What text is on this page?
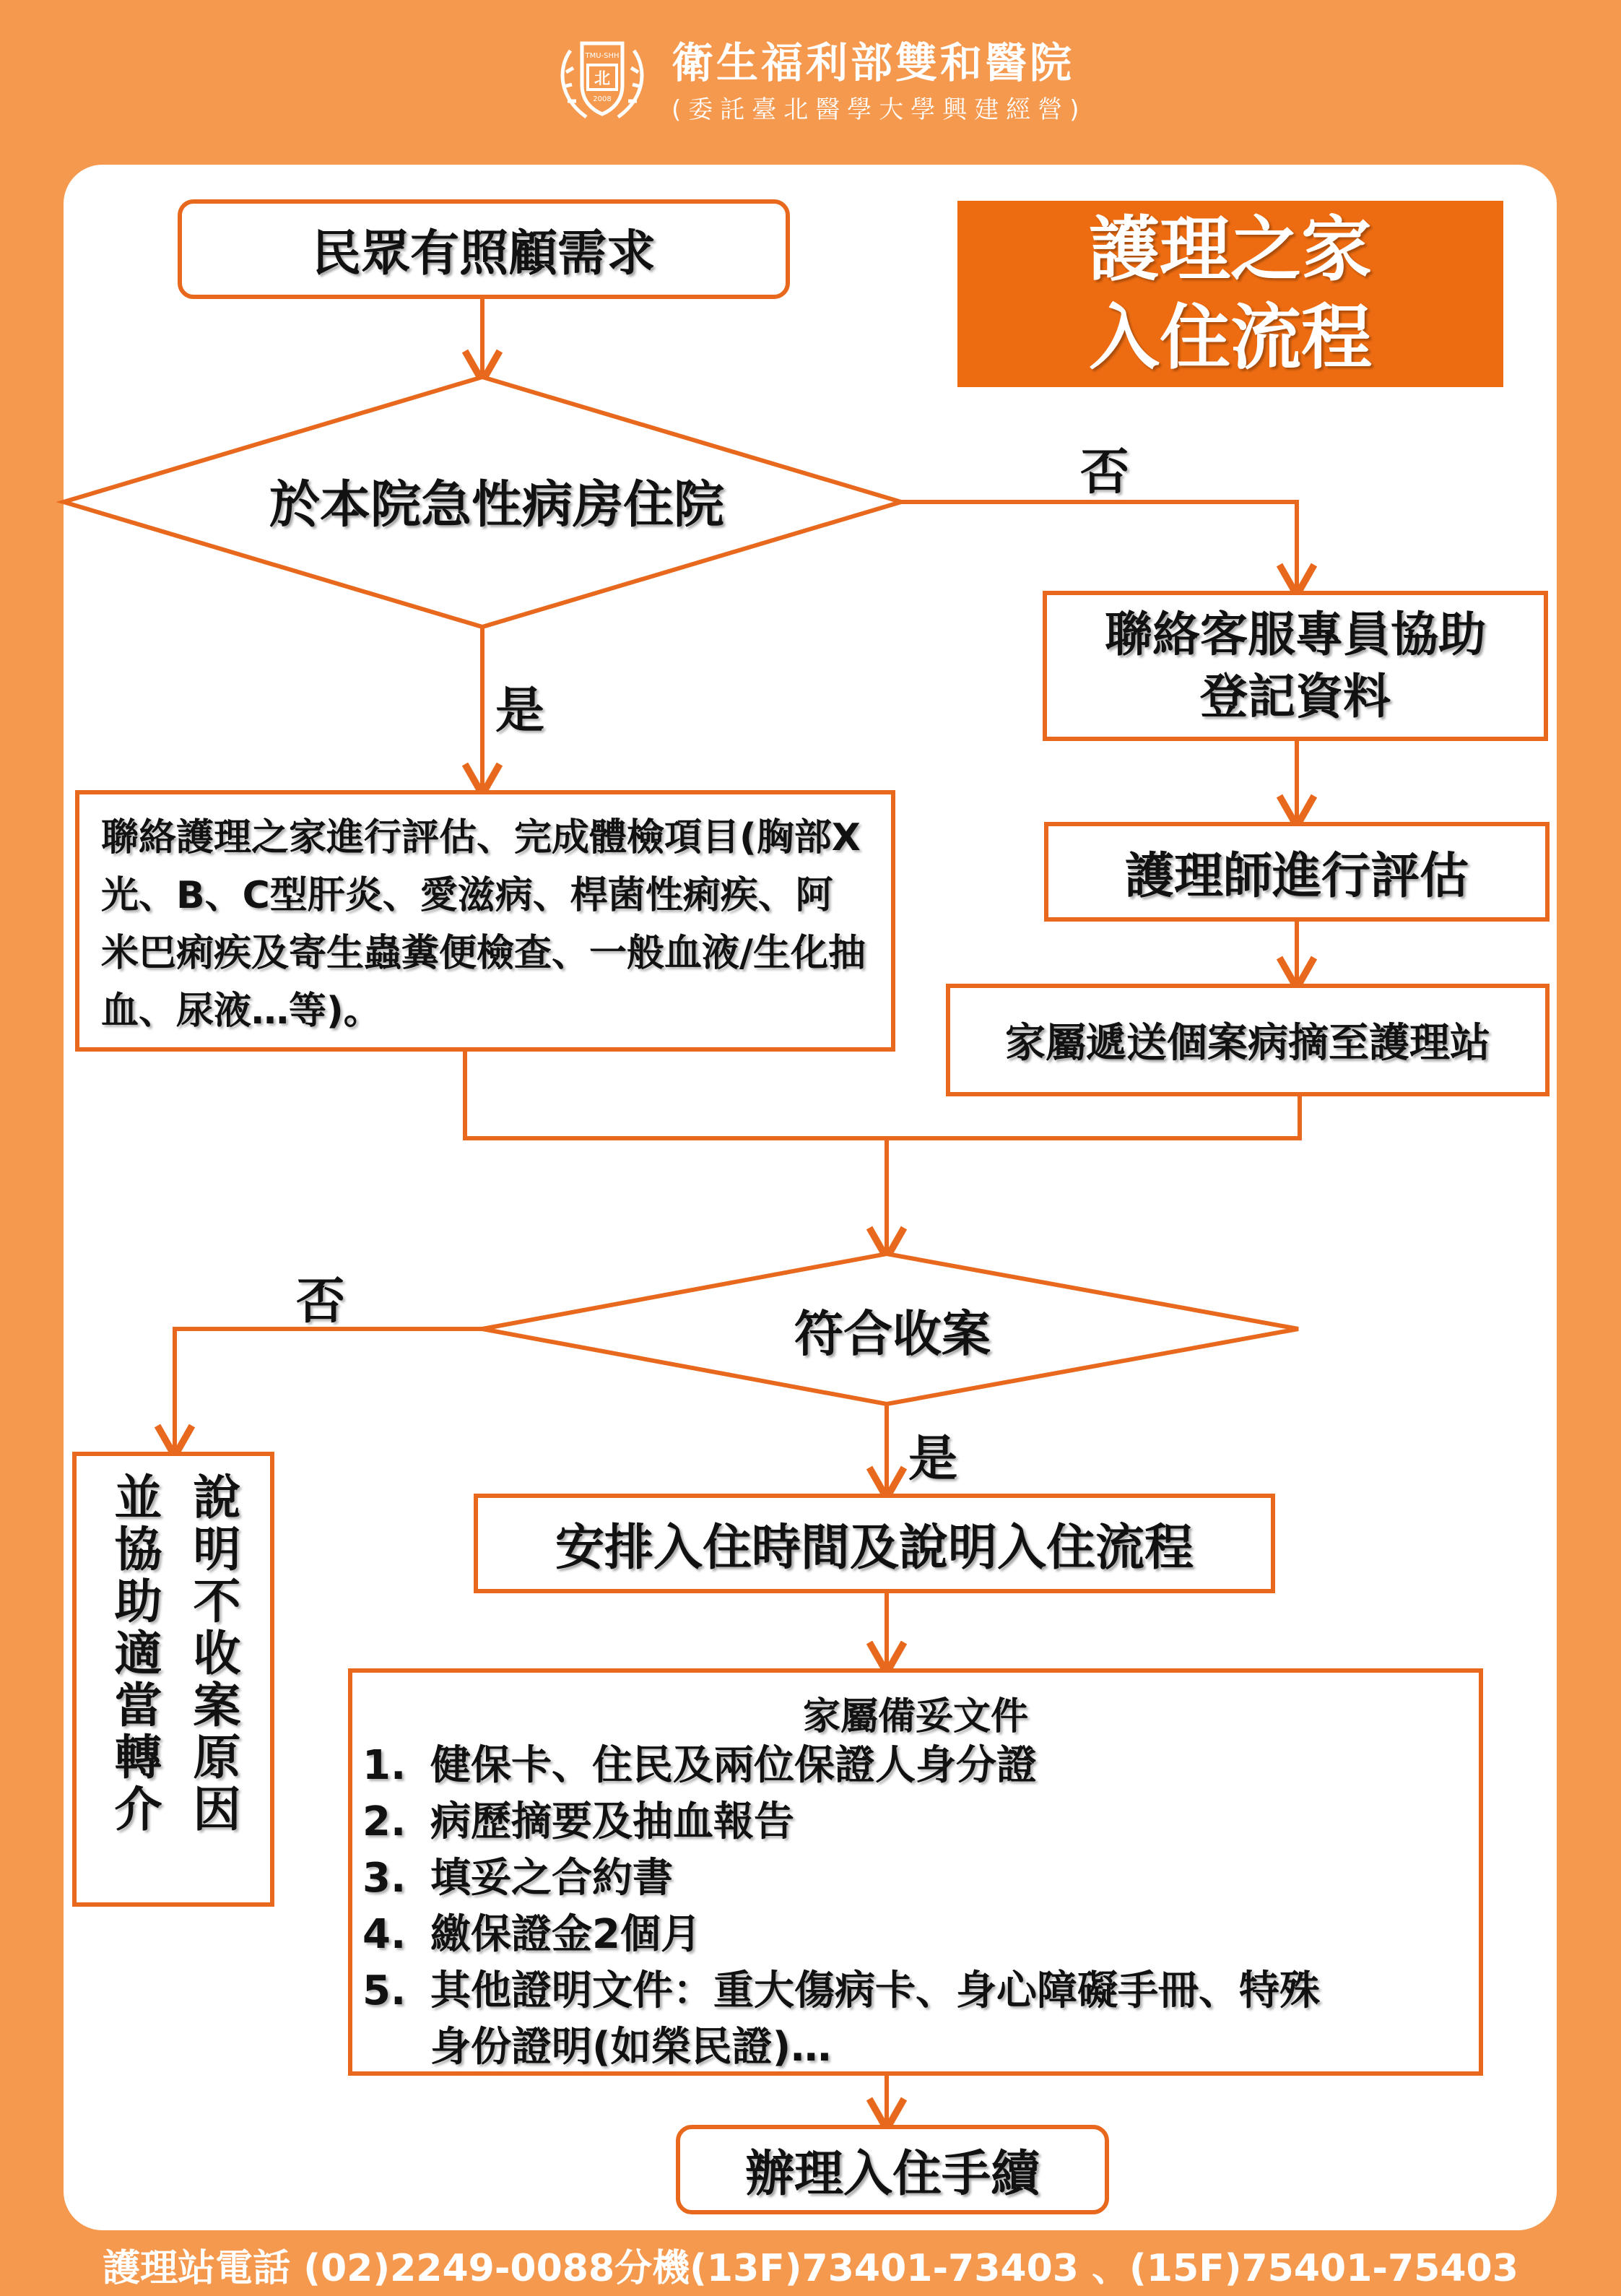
北
TMU-SHH
2008
衛生福利部雙和醫院
(委託臺北醫學大學興建經營)
民眾有照顧需求	護理之家
入住流程
於本院急性病房住院
否
是
聯絡客服專員協助
登記資料
護理師進行評估
家屬遞送個案病摘至護理站
聯絡護理之家進行評估、完成體檢項目(胸部X光、B、C型肝炎、愛滋病、桿菌性痢疾、阿米巴痢疾及寄生蟲糞便檢查、一般血液/生化抽血、尿液…等)。
符合收案
否
是
說明不收案原因
並協助適當轉介	安排入住時間及說明入住流程
家屬備妥文件
1. 健保卡、住民及兩位保證人身分證
2. 病歷摘要及抽血報告
3. 填妥之合約書
4. 繳保證金2個月
5. 其他證明文件：重大傷病卡、身心障礙手冊、特殊
身份證明(如榮民證)…
辦理入住手續
護理站電話 (02)2249-0088分機(13F)73401-73403 、(15F)75401-75403
